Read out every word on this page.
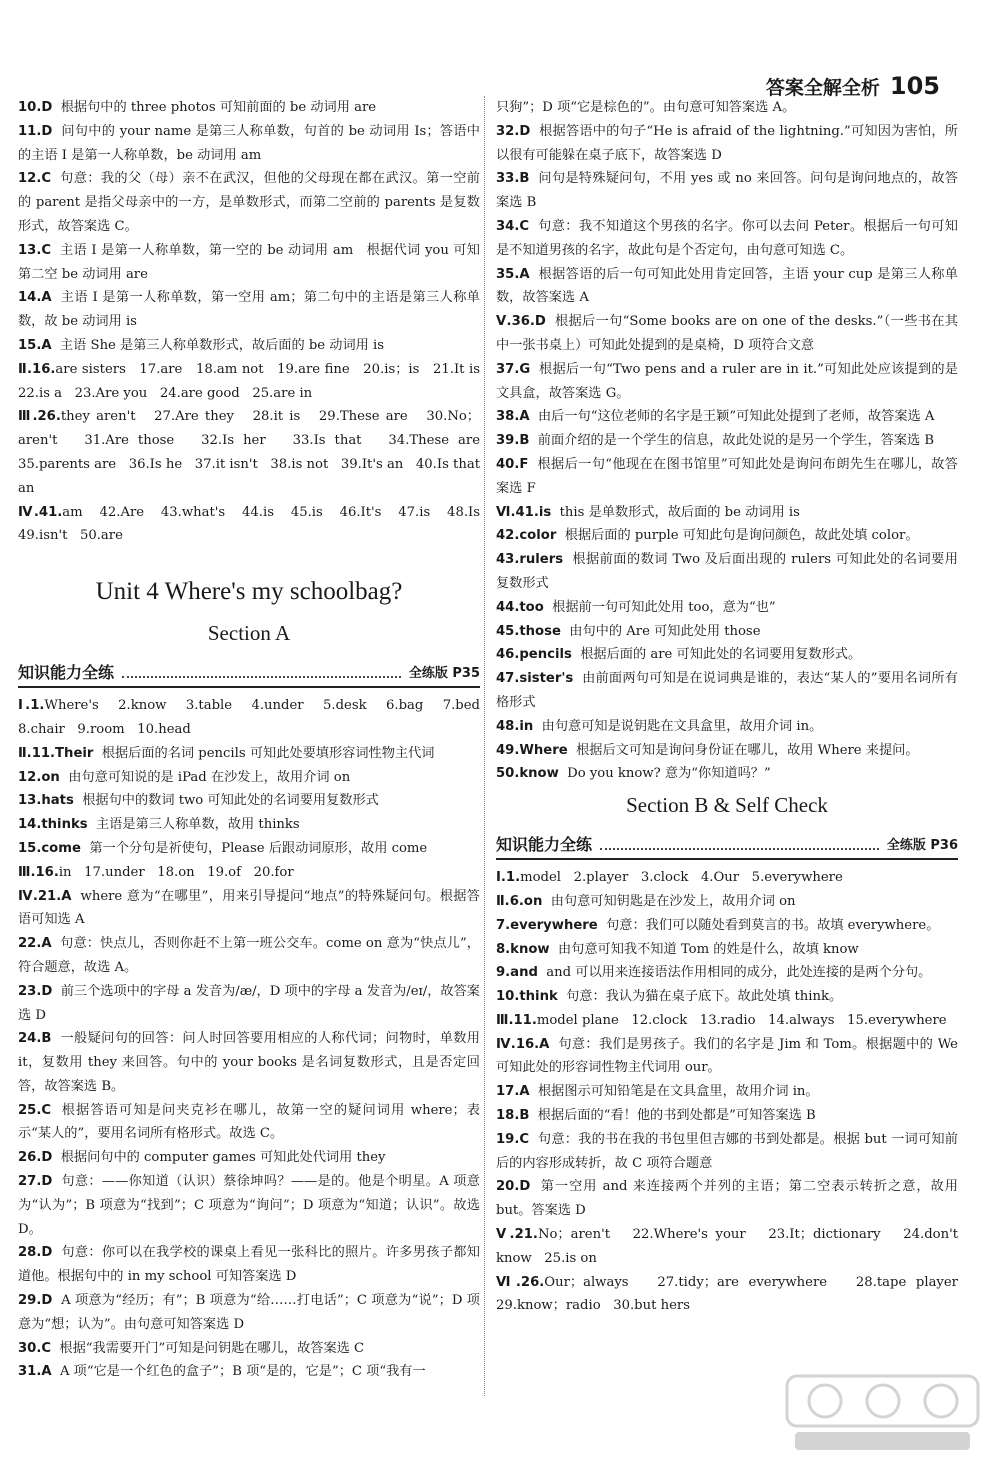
答案全解全析 105

10.D  根据句中的 three photos 可知前面的 be 动词用 are

11.D  问句中的 your name 是第三人称单数，句首的 be 动词用 Is；答语中的主语 I 是第一人称单数，be 动词用 am

12.C  句意：我的父（母）亲不在武汉，但他的父母现在都在武汉。第一空前的 parent 是指父母亲中的一方，是单数形式，而第二空前的 parents 是复数形式，故答案选 C。

13.C  主语 I 是第一人称单数，第一空的 be 动词用 am   根据代词 you 可知第二空 be 动词用 are

14.A  主语 I 是第一人称单数，第一空用 am；第二句中的主语是第三人称单数，故 be 动词用 is

15.A  主语 She 是第三人称单数形式，故后面的 be 动词用 is

Ⅱ.16.are sisters   17.are   18.am not   19.are fine   20.is；is   21.It is   22.is a   23.Are you   24.are good   25.are in

Ⅲ.26.they aren't   27.Are they   28.it is   29.These are   30.No；aren't   31.Are those   32.Is her   33.Is that   34.These are   35.parents are   36.Is he   37.it isn't   38.is not   39.It's an   40.Is that an

Ⅳ.41.am   42.Are   43.what's   44.is   45.is   46.It's   47.is   48.Is   49.isn't   50.are

Unit 4 Where's my schoolbag?
Section A
知识能力全练	全练版 P35

Ⅰ.1.Where's   2.know   3.table   4.under   5.desk   6.bag   7.bed   8.chair   9.room   10.head

Ⅱ.11.Their  根据后面的名词 pencils 可知此处要填形容词性物主代词

12.on  由句意可知说的是 iPad 在沙发上，故用介词 on

13.hats  根据句中的数词 two 可知此处的名词要用复数形式

14.thinks  主语是第三人称单数，故用 thinks

15.come  第一个分句是祈使句，Please 后跟动词原形，故用 come

Ⅲ.16.in   17.under   18.on   19.of   20.for

Ⅳ.21.A  where 意为“在哪里”，用来引导提问“地点”的特殊疑问句。根据答语可知选 A

22.A  句意：快点儿，否则你赶不上第一班公交车。come on 意为“快点儿”，符合题意，故选 A。

23.D  前三个选项中的字母 a 发音为/æ/，D 项中的字母 a 发音为/eɪ/，故答案选 D

24.B  一般疑问句的回答：问人时回答要用相应的人称代词；问物时，单数用 it，复数用 they 来回答。句中的 your books 是名词复数形式，且是否定回答，故答案选 B。

25.C  根据答语可知是问夹克衫在哪儿，故第一空的疑问词用 where；表示“某人的”，要用名词所有格形式。故选 C。

26.D  根据问句中的 computer games 可知此处代词用 they

27.D  句意：——你知道（认识）蔡徐坤吗？——是的。他是个明星。A 项意为“认为”；B 项意为“找到”；C 项意为“询问”；D 项意为“知道；认识”。故选 D。

28.D  句意：你可以在我学校的课桌上看见一张科比的照片。许多男孩子都知道他。根据句中的 in my school 可知答案选 D

29.D  A 项意为“经历；有”；B 项意为“给……打电话”；C 项意为“说”；D 项意为“想；认为”。由句意可知答案选 D

30.C  根据“我需要开门”可知是问钥匙在哪儿，故答案选 C

31.A  A 项“它是一个红色的盒子”；B 项“是的，它是”；C 项“我有一

只狗”；D 项“它是棕色的”。由句意可知答案选 A。

32.D  根据答语中的句子“He is afraid of the lightning.”可知因为害怕，所以很有可能躲在桌子底下，故答案选 D

33.B  问句是特殊疑问句，不用 yes 或 no 来回答。问句是询问地点的，故答案选 B

34.C  句意：我不知道这个男孩的名字。你可以去问 Peter。根据后一句可知是不知道男孩的名字，故此句是个否定句，由句意可知选 C。

35.A  根据答语的后一句可知此处用肯定回答，主语 your cup 是第三人称单数，故答案选 A

Ⅴ.36.D  根据后一句“Some books are on one of the desks.”（一些书在其中一张书桌上）可知此处提到的是桌椅，D 项符合文意

37.G  根据后一句“Two pens and a ruler are in it.”可知此处应该提到的是文具盒，故答案选 G。

38.A  由后一句“这位老师的名字是王颖”可知此处提到了老师，故答案选 A

39.B  前面介绍的是一个学生的信息，故此处说的是另一个学生，答案选 B

40.F  根据后一句“他现在在图书馆里”可知此处是询问布朗先生在哪儿，故答案选 F

Ⅵ.41.is  this 是单数形式，故后面的 be 动词用 is

42.color  根据后面的 purple 可知此句是询问颜色，故此处填 color。

43.rulers  根据前面的数词 Two 及后面出现的 rulers 可知此处的名词要用复数形式

44.too  根据前一句可知此处用 too，意为“也”

45.those  由句中的 Are 可知此处用 those

46.pencils  根据后面的 are 可知此处的名词要用复数形式。

47.sister's  由前面两句可知是在说词典是谁的，表达“某人的”要用名词所有格形式

48.in  由句意可知是说钥匙在文具盒里，故用介词 in。

49.Where  根据后文可知是询问身份证在哪儿，故用 Where 来提问。

50.know  Do you know? 意为“你知道吗？”

Section B & Self Check
知识能力全练	全练版 P36

Ⅰ.1.model   2.player   3.clock   4.Our   5.everywhere

Ⅱ.6.on  由句意可知钥匙是在沙发上，故用介词 on

7.everywhere  句意：我们可以随处看到莫言的书。故填 everywhere。

8.know  由句意可知我不知道 Tom 的姓是什么，故填 know

9.and  and 可以用来连接语法作用相同的成分，此处连接的是两个分句。

10.think  句意：我认为猫在桌子底下。故此处填 think。

Ⅲ.11.model plane   12.clock   13.radio   14.always   15.everywhere

Ⅳ.16.A  句意：我们是男孩子。我们的名字是 Jim 和 Tom。根据题中的 We 可知此处的形容词性物主代词用 our。

17.A  根据图示可知铅笔是在文具盒里，故用介词 in。

18.B  根据后面的“看！他的书到处都是”可知答案选 B

19.C  句意：我的书在我的书包里但吉娜的书到处都是。根据 but 一词可知前后的内容形成转折，故 C 项符合题意

20.D  第一空用 and 来连接两个并列的主语；第二空表示转折之意，故用 but。答案选 D

Ⅴ.21.No；aren't   22.Where's your   23.It；dictionary   24.don't know   25.is on

Ⅵ.26.Our；always   27.tidy；are everywhere   28.tape player   29.know；radio   30.but hers
